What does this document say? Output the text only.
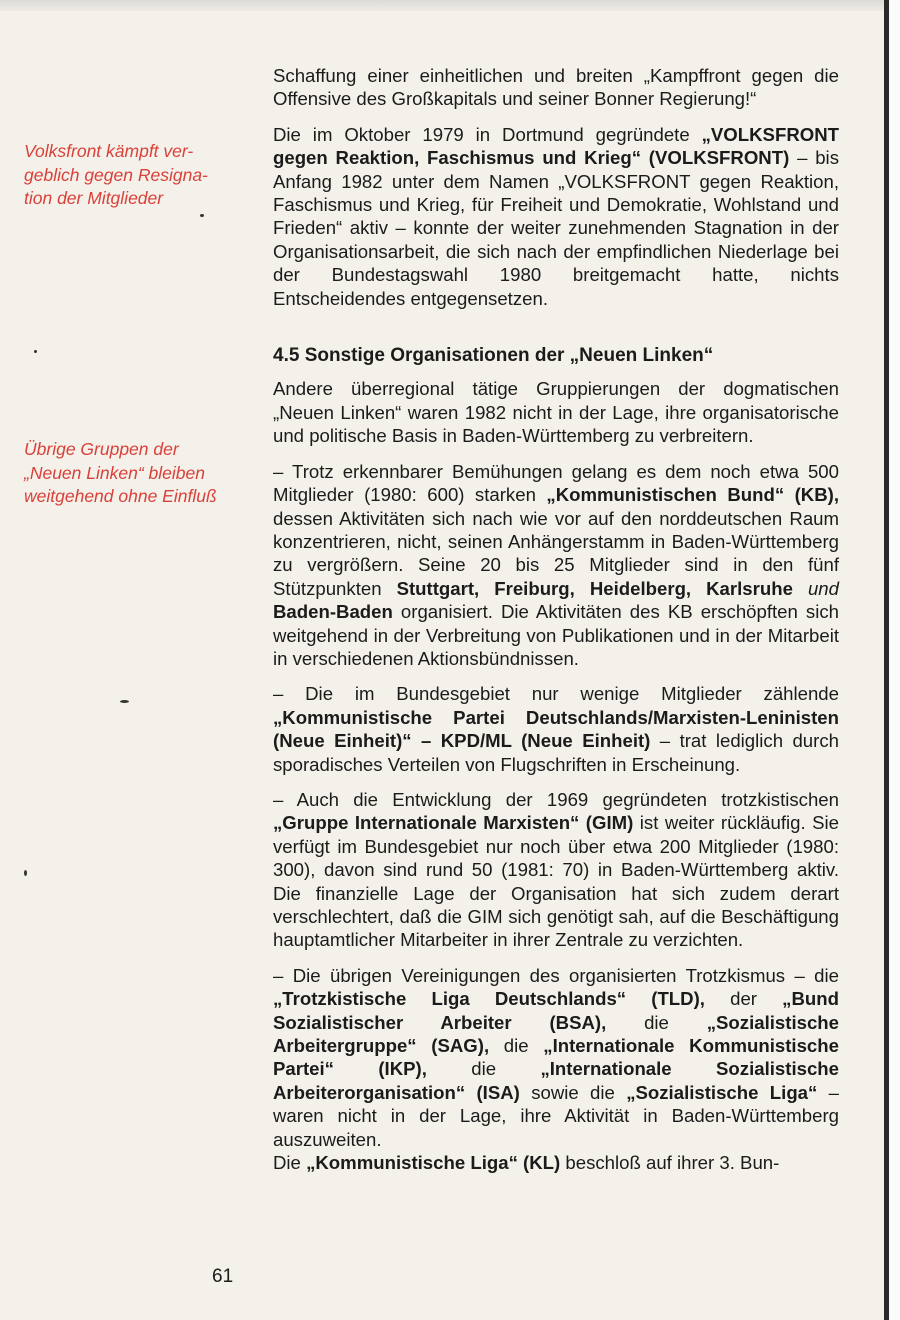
Volksfront kämpft ver-
geblich gegen Resigna-
tion der Mitglieder
Übrige Gruppen der
„Neuen Linken“ bleiben
weitgehend ohne Einfluß
61

Schaffung einer einheitlichen und breiten „Kampffront gegen die Offensive des Großkapitals und seiner Bonner Regierung!“

Die im Oktober 1979 in Dortmund gegründete „VOLKSFRONT gegen Reaktion, Faschismus und Krieg“ (VOLKSFRONT) – bis Anfang 1982 unter dem Namen „VOLKSFRONT gegen Reaktion, Faschismus und Krieg, für Freiheit und Demokratie, Wohlstand und Frieden“ aktiv – konnte der weiter zunehmenden Stagnation in der Organisationsarbeit, die sich nach der empfindlichen Niederlage bei der Bundestagswahl 1980 breitgemacht hatte, nichts Entscheidendes entgegensetzen.

4.5 Sonstige Organisationen der „Neuen Linken“

Andere überregional tätige Gruppierungen der dogmatischen „Neuen Linken“ waren 1982 nicht in der Lage, ihre organisatorische und politische Basis in Baden-Württemberg zu verbreitern.

– Trotz erkennbarer Bemühungen gelang es dem noch etwa 500 Mitglieder (1980: 600) starken „Kommunistischen Bund“ (KB), dessen Aktivitäten sich nach wie vor auf den norddeutschen Raum konzentrieren, nicht, seinen Anhängerstamm in Baden-Württemberg zu vergrößern. Seine 20 bis 25 Mitglieder sind in den fünf Stützpunkten Stuttgart, Freiburg, Heidelberg, Karlsruhe und Baden-Baden organisiert. Die Aktivitäten des KB erschöpften sich weitgehend in der Verbreitung von Publikationen und in der Mitarbeit in verschiedenen Aktionsbündnissen.

– Die im Bundesgebiet nur wenige Mitglieder zählende „Kommunistische Partei Deutschlands/Marxisten-Leninisten (Neue Einheit)“ – KPD/ML (Neue Einheit) – trat lediglich durch sporadisches Verteilen von Flugschriften in Erscheinung.

– Auch die Entwicklung der 1969 gegründeten trotzkistischen „Gruppe Internationale Marxisten“ (GIM) ist weiter rückläufig. Sie verfügt im Bundesgebiet nur noch über etwa 200 Mitglieder (1980: 300), davon sind rund 50 (1981: 70) in Baden-Württemberg aktiv. Die finanzielle Lage der Organisation hat sich zudem derart verschlechtert, daß die GIM sich genötigt sah, auf die Beschäftigung hauptamtlicher Mitarbeiter in ihrer Zentrale zu verzichten.

– Die übrigen Vereinigungen des organisierten Trotzkismus – die „Trotzkistische Liga Deutschlands“ (TLD), der „Bund Sozialistischer Arbeiter (BSA), die „Sozialistische Arbeitergruppe“ (SAG), die „Internationale Kommunistische Partei“ (IKP), die „Internationale Sozialistische Arbeiterorganisation“ (ISA) sowie die „Sozialistische Liga“ – waren nicht in der Lage, ihre Aktivität in Baden-Württemberg auszuweiten.

Die „Kommunistische Liga“ (KL) beschloß auf ihrer 3. Bun-
